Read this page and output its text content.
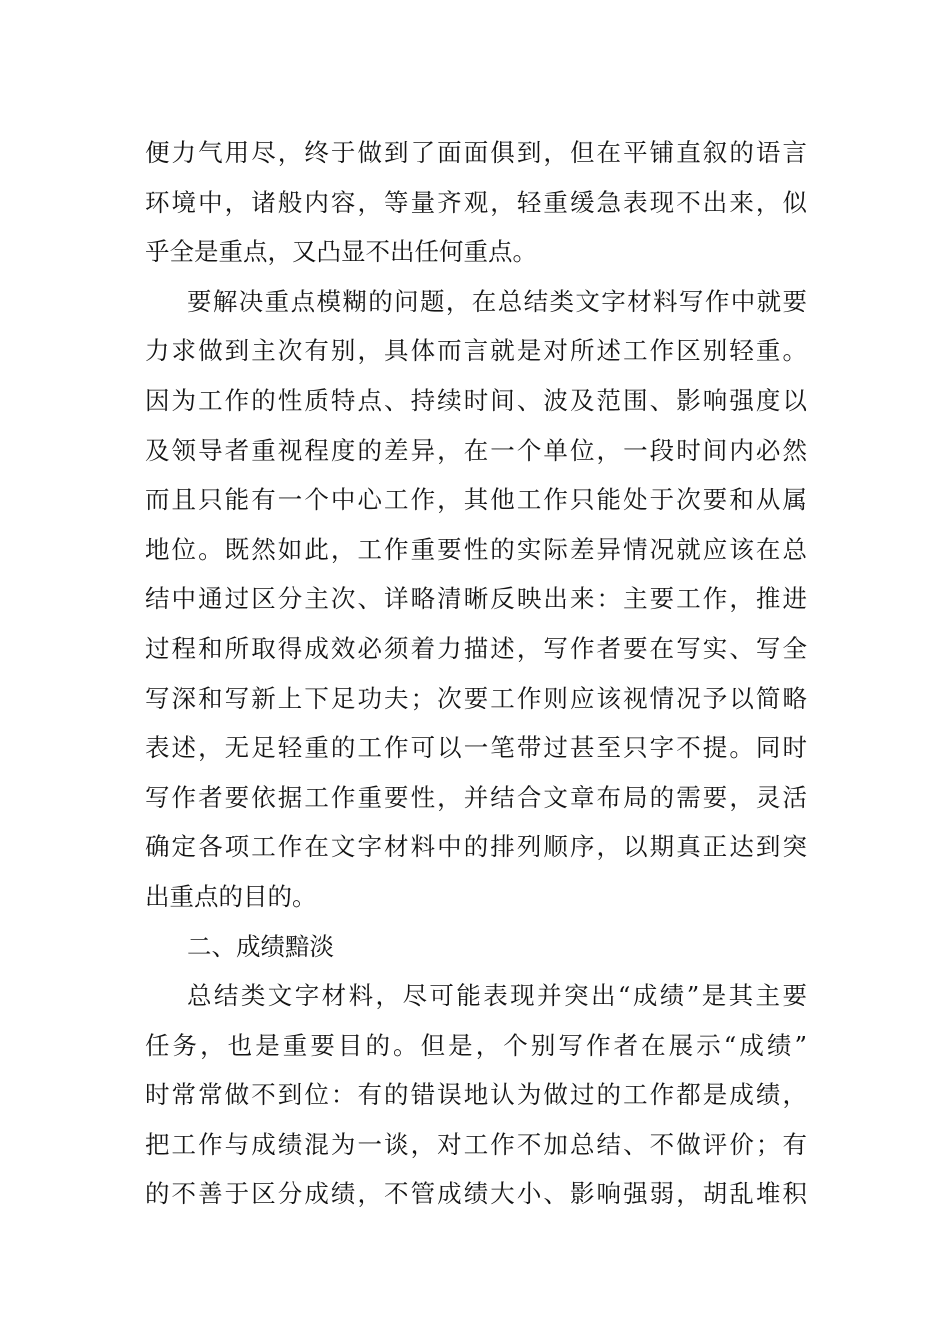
便力气用尽，终于做到了面面俱到，但在平铺直叙的语言
环境中，诸般内容，等量齐观，轻重缓急表现不出来，似
乎全是重点，又凸显不出任何重点。
要解决重点模糊的问题，在总结类文字材料写作中就要
力求做到主次有别，具体而言就是对所述工作区别轻重。
因为工作的性质特点、持续时间、波及范围、影响强度以
及领导者重视程度的差异，在一个单位，一段时间内必然
而且只能有一个中心工作，其他工作只能处于次要和从属
地位。既然如此，工作重要性的实际差异情况就应该在总
结中通过区分主次、详略清晰反映出来：主要工作，推进
过程和所取得成效必须着力描述，写作者要在写实、写全
写深和写新上下足功夫；次要工作则应该视情况予以简略
表述，无足轻重的工作可以一笔带过甚至只字不提。同时
写作者要依据工作重要性，并结合文章布局的需要，灵活
确定各项工作在文字材料中的排列顺序，以期真正达到突
出重点的目的。
二、成绩黯淡
总结类文字材料，尽可能表现并突出“成绩”是其主要
任务，也是重要目的。但是，个别写作者在展示“成绩”
时常常做不到位：有的错误地认为做过的工作都是成绩，
把工作与成绩混为一谈，对工作不加总结、不做评价；有
的不善于区分成绩，不管成绩大小、影响强弱，胡乱堆积
